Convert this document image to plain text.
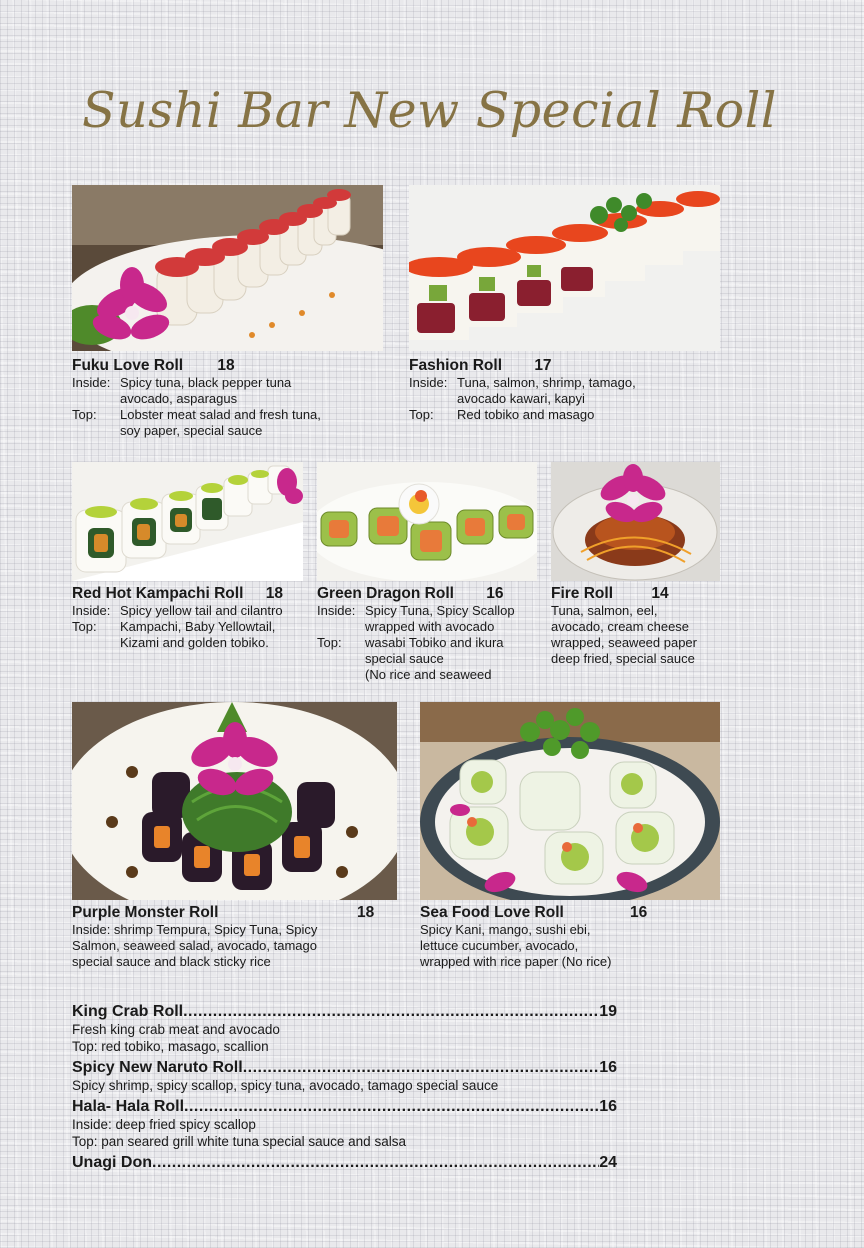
Sushi Bar New Special Roll
Fuku Love Roll 18
Inside: Spicy tuna, black pepper tuna
avocado, asparagus
Top:	Lobster meat salad and fresh tuna,
soy paper, special sauce
Fashion Roll 17
Inside: Tuna, salmon, shrimp, tamago,
avocado kawari, kapyi
Top:	Red tobiko and masago
Red Hot Kampachi Roll 18
Inside: Spicy yellow tail and cilantro
Top:	Kampachi, Baby Yellowtail,
Kizami and golden tobiko.
Green Dragon Roll 16
Inside: Spicy Tuna, Spicy Scallop
wrapped with avocado
Top:	wasabi Tobiko and ikura
special sauce
(No rice and seaweed
Fire Roll 14
Tuna, salmon, eel,
avocado, cream cheese
wrapped, seaweed paper
deep fried, special sauce
Purple Monster Roll	18
Inside: shrimp Tempura, Spicy Tuna, Spicy
Salmon, seaweed salad, avocado, tamago
special sauce and black sticky rice
Sea Food Love Roll	16
Spicy Kani, mango, sushi ebi,
lettuce cucumber, avocado,
wrapped with rice paper (No rice)
King Crab Roll .....	19
Fresh king crab meat and avocado
Top: red tobiko, masago, scallion
Spicy New Naruto Roll .....	16
Spicy shrimp, spicy scallop, spicy tuna, avocado, tamago special sauce
Hala- Hala Roll .....	16
Inside: deep fried spicy scallop
Top: pan seared grill white tuna special sauce and salsa
Unagi Don .....	24
